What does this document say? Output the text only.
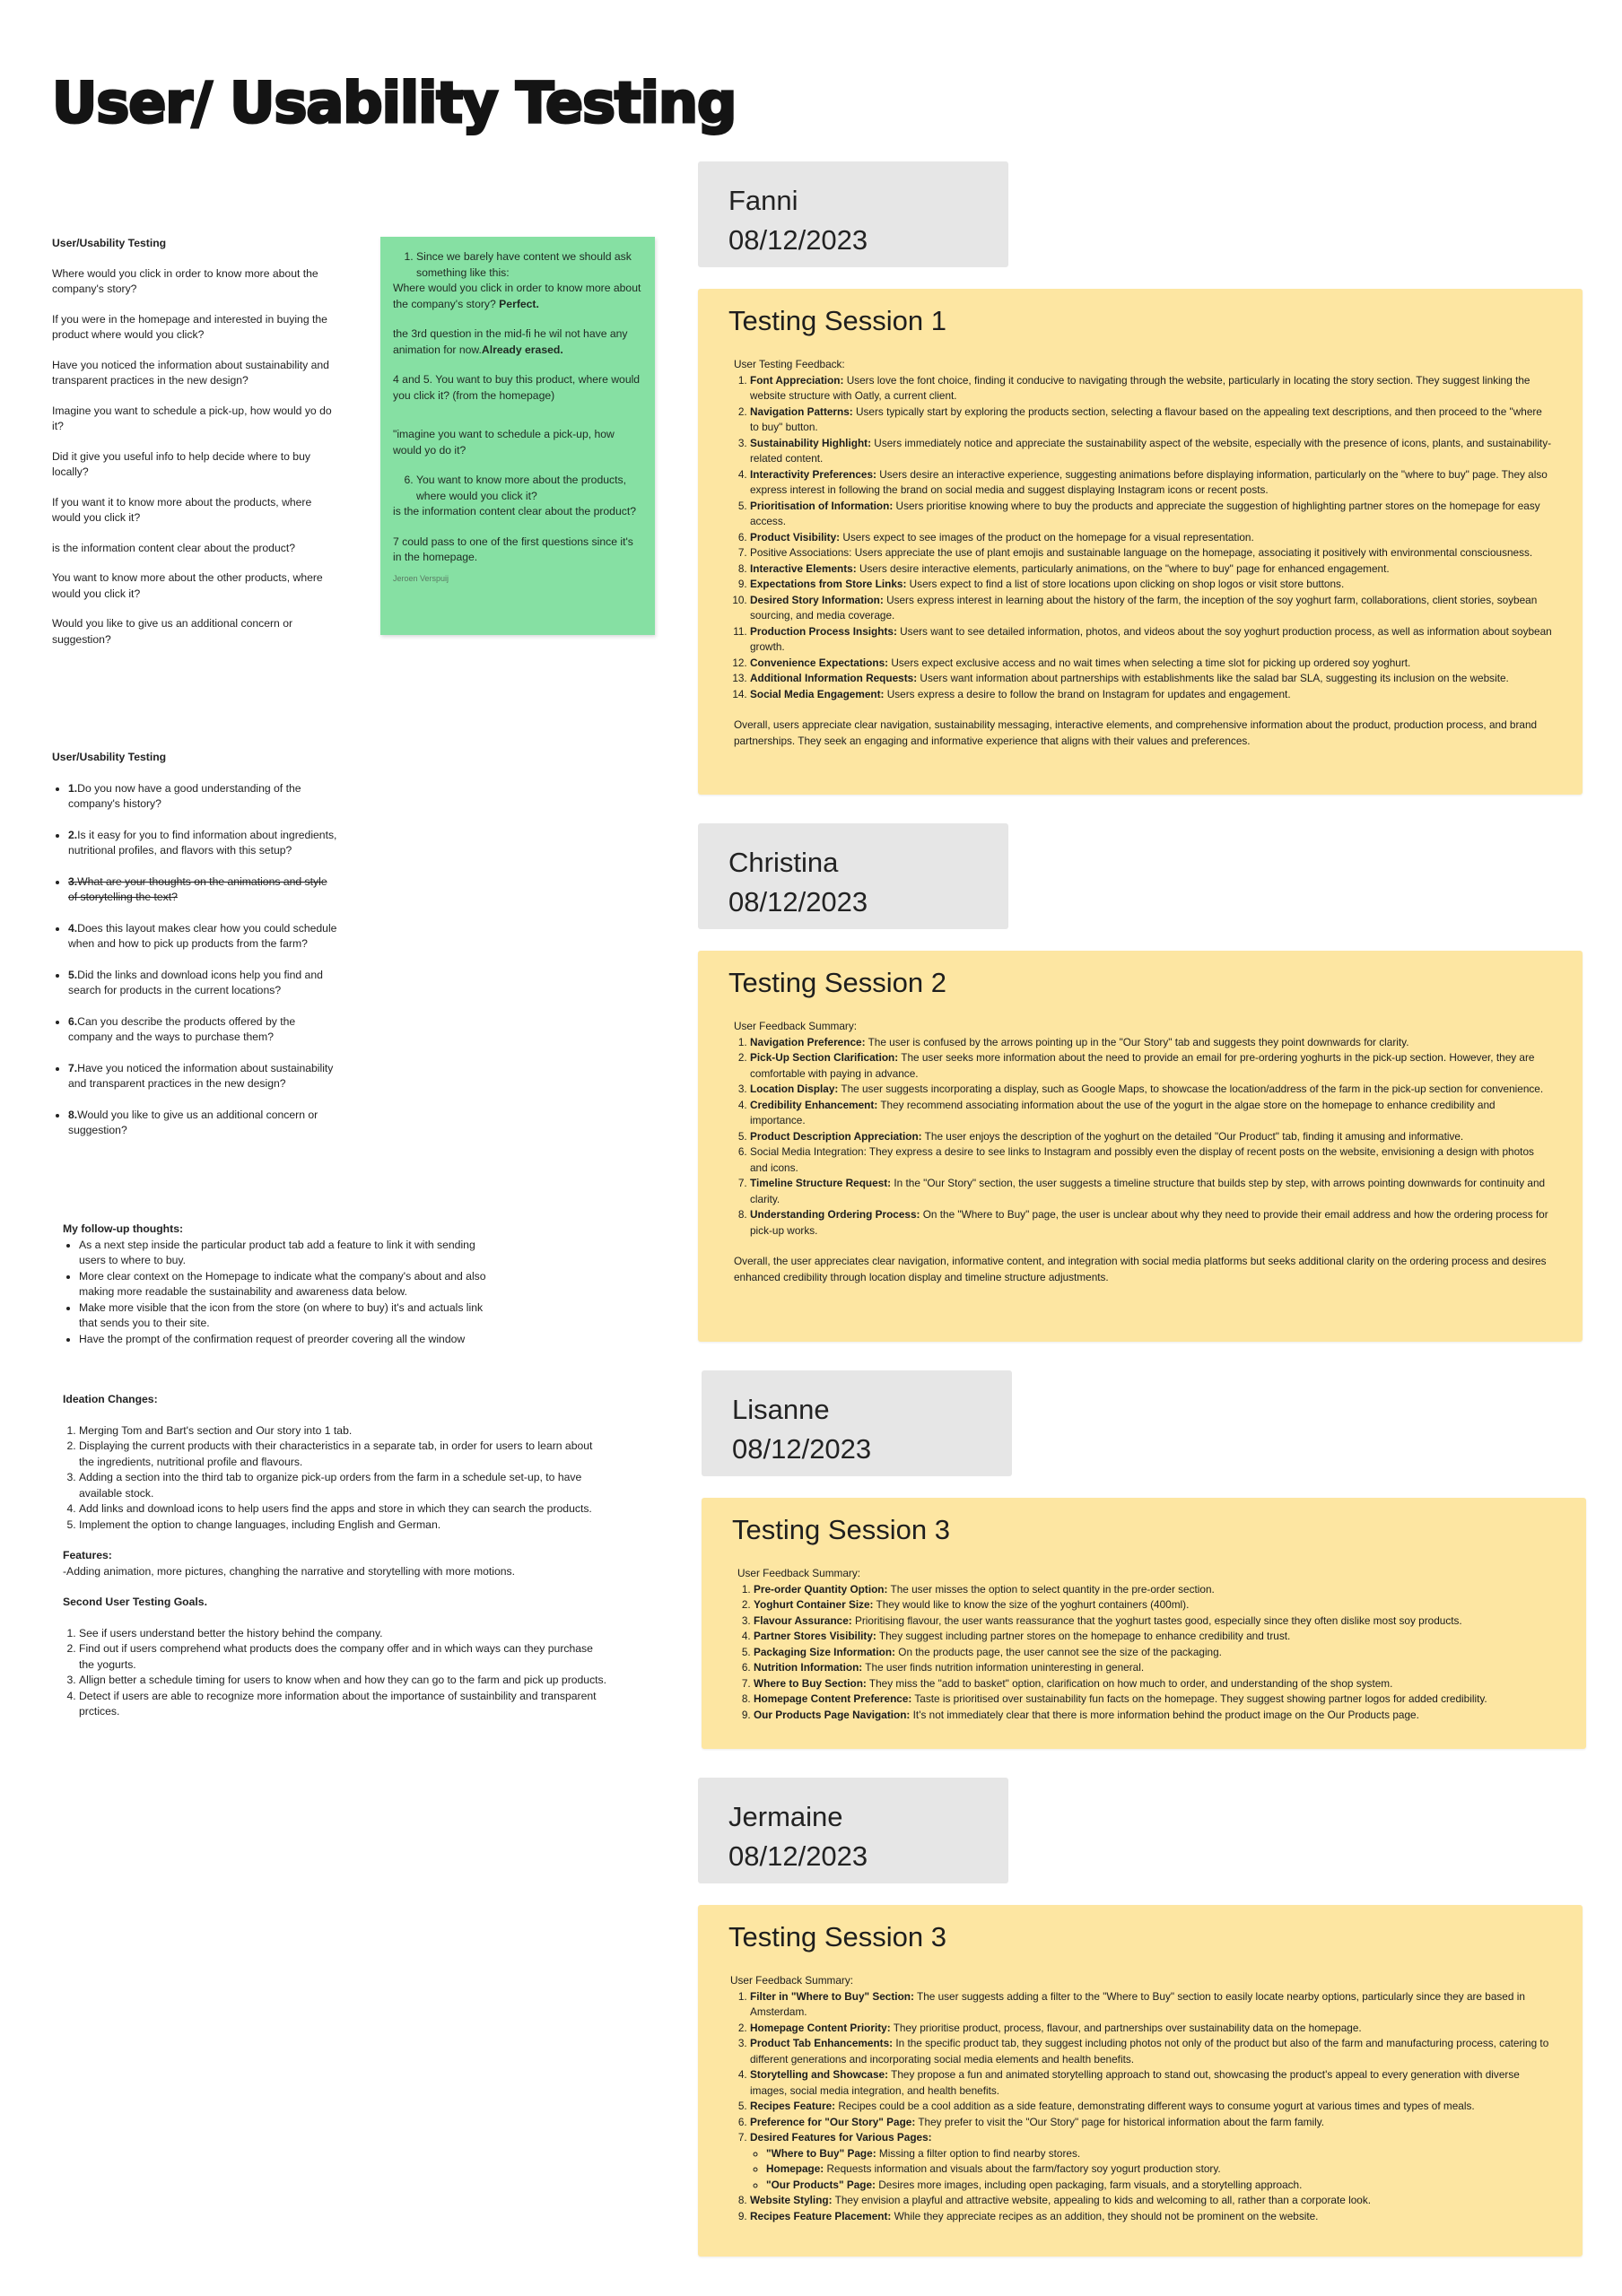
User/ Usability Testing

User/Usability Testing

Where would you click in order to know more about the company's story?

If you were in the homepage and interested in buying the product where would you click?

Have you noticed the information about sustainability and transparent practices in the new design?

Imagine you want to schedule a pick-up, how would yo do it?

Did it give you useful info to help decide where to buy locally?

If you want it to know more about the products, where would you click it?

is the information content clear about the product?

You want to know more about the other products, where would you click it?

Would you like to give us an additional concern or suggestion?

1. Since we barely have content we should ask something like this:

Where would you click in order to know more about the company's story? Perfect.

the 3rd question in the mid-fi he wil not have any animation for now.Already erased.

4 and 5. You want to buy this product, where would you click it? (from the homepage)

"imagine you want to schedule a pick-up, how would yo do it?

6. You want to know more about the products, where would you click it?

is the information content clear about the product?

7 could pass to one of the first questions since it's in the homepage.

Jeroen Verspuij

User/Usability Testing

• 1.Do you now have a good understanding of the company's history?
• 2.Is it easy for you to find information about ingredients, nutritional profiles, and flavors with this setup?
• 3.What are your thoughts on the animations and style of storytelling the text?
• 4.Does this layout makes clear how you could schedule when and how to pick up products from the farm?
• 5.Did the links and download icons help you find and search for products in the current locations?
• 6.Can you describe the products offered by the company and the ways to purchase them?
• 7.Have you noticed the information about sustainability and transparent practices in the new design?
• 8.Would you like to give us an additional concern or suggestion?
My follow-up thoughts:
• As a next step inside the particular product tab add a feature to link it with sending users to where to buy.
• More clear context on the Homepage to indicate what the company's about and also making more readable the sustainability and awareness data below.
• Make more visible that the icon from the store (on where to buy) it's and actuals link that sends you to their site.
• Have the prompt of the confirmation request of preorder covering all the window
Ideation Changes:
1. Merging Tom and Bart's section and Our story into 1 tab.
2. Displaying the current products with their characteristics in a separate tab, in order for users to learn about the ingredients, nutritional profile and flavours.
3. Adding a section into the third tab to organize pick-up orders from the farm in a schedule set-up, to have available stock.
4. Add links and download icons to help users find the apps and store in which they can search the products.
5. Implement the option to change languages, including English and German.
Features:
-Adding animation, more pictures, changhing the narrative and storytelling with more motions.
Second User Testing Goals.
1. See if users understand better the history behind the company.
2. Find out if users comprehend what products does the company offer and in which ways can they purchase the yogurts.
3. Allign better a schedule timing for users to know when and how they can go to the farm and pick up products.
4. Detect if users are able to recognize more information about the importance of sustainbility and transparent prctices.
Fanni
08/12/2023
Christina
08/12/2023
Lisanne
08/12/2023
Jermaine
08/12/2023
Testing Session 1
User Testing Feedback:
1. Font Appreciation: Users love the font choice, finding it conducive to navigating through the website, particularly in locating the story section. They suggest linking the website structure with Oatly, a current client.
2. Navigation Patterns: Users typically start by exploring the products section, selecting a flavour based on the appealing text descriptions, and then proceed to the "where to buy" button.
3. Sustainability Highlight: Users immediately notice and appreciate the sustainability aspect of the website, especially with the presence of icons, plants, and sustainability-related content.
4. Interactivity Preferences: Users desire an interactive experience, suggesting animations before displaying information, particularly on the "where to buy" page. They also express interest in following the brand on social media and suggest displaying Instagram icons or recent posts.
5. Prioritisation of Information: Users prioritise knowing where to buy the products and appreciate the suggestion of highlighting partner stores on the homepage for easy access.
6. Product Visibility: Users expect to see images of the product on the homepage for a visual representation.
7. Positive Associations: Users appreciate the use of plant emojis and sustainable language on the homepage, associating it positively with environmental consciousness.
8. Interactive Elements: Users desire interactive elements, particularly animations, on the "where to buy" page for enhanced engagement.
9. Expectations from Store Links: Users expect to find a list of store locations upon clicking on shop logos or visit store buttons.
10. Desired Story Information: Users express interest in learning about the history of the farm, the inception of the soy yoghurt farm, collaborations, client stories, soybean sourcing, and media coverage.
11. Production Process Insights: Users want to see detailed information, photos, and videos about the soy yoghurt production process, as well as information about soybean growth.
12. Convenience Expectations: Users expect exclusive access and no wait times when selecting a time slot for picking up ordered soy yoghurt.
13. Additional Information Requests: Users want information about partnerships with establishments like the salad bar SLA, suggesting its inclusion on the website.
14. Social Media Engagement: Users express a desire to follow the brand on Instagram for updates and engagement.
Overall, users appreciate clear navigation, sustainability messaging, interactive elements, and comprehensive information about the product, production process, and brand partnerships. They seek an engaging and informative experience that aligns with their values and preferences.
Testing Session 2
User Feedback Summary:
1. Navigation Preference: The user is confused by the arrows pointing up in the "Our Story" tab and suggests they point downwards for clarity.
2. Pick-Up Section Clarification: The user seeks more information about the need to provide an email for pre-ordering yoghurts in the pick-up section. However, they are comfortable with paying in advance.
3. Location Display: The user suggests incorporating a display, such as Google Maps, to showcase the location/address of the farm in the pick-up section for convenience.
4. Credibility Enhancement: They recommend associating information about the use of the yogurt in the algae store on the homepage to enhance credibility and importance.
5. Product Description Appreciation: The user enjoys the description of the yoghurt on the detailed "Our Product" tab, finding it amusing and informative.
6. Social Media Integration: They express a desire to see links to Instagram and possibly even the display of recent posts on the website, envisioning a design with photos and icons.
7. Timeline Structure Request: In the "Our Story" section, the user suggests a timeline structure that builds step by step, with arrows pointing downwards for continuity and clarity.
8. Understanding Ordering Process: On the "Where to Buy" page, the user is unclear about why they need to provide their email address and how the ordering process for pick-up works.
Overall, the user appreciates clear navigation, informative content, and integration with social media platforms but seeks additional clarity on the ordering process and desires enhanced credibility through location display and timeline structure adjustments.
Testing Session 3
User Feedback Summary:
1. Pre-order Quantity Option: The user misses the option to select quantity in the pre-order section.
2. Yoghurt Container Size: They would like to know the size of the yoghurt containers (400ml).
3. Flavour Assurance: Prioritising flavour, the user wants reassurance that the yoghurt tastes good, especially since they often dislike most soy products.
4. Partner Stores Visibility: They suggest including partner stores on the homepage to enhance credibility and trust.
5. Packaging Size Information: On the products page, the user cannot see the size of the packaging.
6. Nutrition Information: The user finds nutrition information uninteresting in general.
7. Where to Buy Section: They miss the "add to basket" option, clarification on how much to order, and understanding of the shop system.
8. Homepage Content Preference: Taste is prioritised over sustainability fun facts on the homepage. They suggest showing partner logos for added credibility.
9. Our Products Page Navigation: It's not immediately clear that there is more information behind the product image on the Our Products page.
Testing Session 3
User Feedback Summary:
1. Filter in "Where to Buy" Section: The user suggests adding a filter to the "Where to Buy" section to easily locate nearby options, particularly since they are based in Amsterdam.
2. Homepage Content Priority: They prioritise product, process, flavour, and partnerships over sustainability data on the homepage.
3. Product Tab Enhancements: In the specific product tab, they suggest including photos not only of the product but also of the farm and manufacturing process, catering to different generations and incorporating social media elements and health benefits.
4. Storytelling and Showcase: They propose a fun and animated storytelling approach to stand out, showcasing the product's appeal to every generation with diverse images, social media integration, and health benefits.
5. Recipes Feature: Recipes could be a cool addition as a side feature, demonstrating different ways to consume yogurt at various times and types of meals.
6. Preference for "Our Story" Page: They prefer to visit the "Our Story" page for historical information about the farm family.
7. Desired Features for Various Pages:
◦ "Where to Buy" Page: Missing a filter option to find nearby stores.
◦ Homepage: Requests information and visuals about the farm/factory soy yogurt production story.
◦ "Our Products" Page: Desires more images, including open packaging, farm visuals, and a storytelling approach.
8. Website Styling: They envision a playful and attractive website, appealing to kids and welcoming to all, rather than a corporate look.
9. Recipes Feature Placement: While they appreciate recipes as an addition, they should not be prominent on the website.
